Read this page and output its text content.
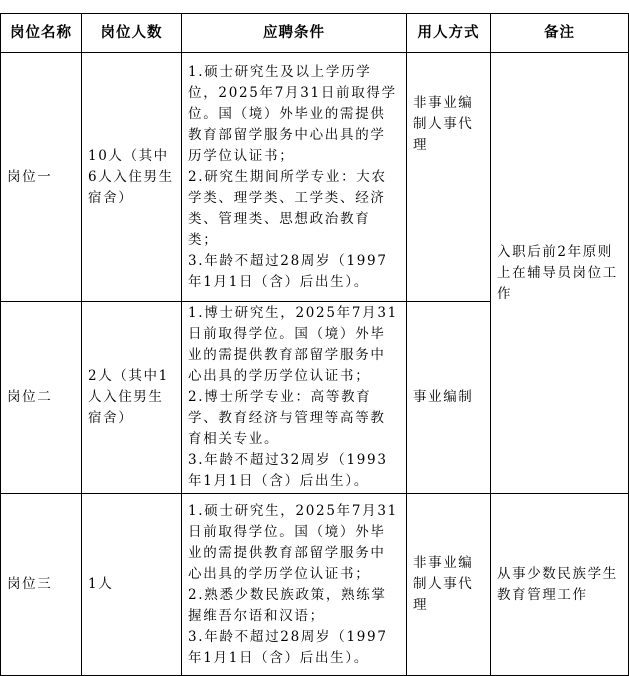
岗位名称	岗位人数	应聘条件	用人方式	备注
岗位一	10人（其中6人入住男生宿舍）	1.硕士研究生及以上学历学位，2025年7月31日前取得学位。国（境）外毕业的需提供教育部留学服务中心出具的学历学位认证书；
2.研究生期间所学专业：大农学类、理学类、工学类、经济类、管理类、思想政治教育类；
3.年龄不超过28周岁（1997年1月1日（含）后出生）。	非事业编制人事代理	入职后前2年原则上在辅导员岗位工作
岗位二	2人（其中1人入住男生宿舍）	1.博士研究生，2025年7月31日前取得学位。国（境）外毕业的需提供教育部留学服务中心出具的学历学位认证书；
2.博士所学专业：高等教育学、教育经济与管理等高等教育相关专业。
3.年龄不超过32周岁（1993年1月1日（含）后出生）。	事业编制	
岗位三	1人	1.硕士研究生，2025年7月31日前取得学位。国（境）外毕业的需提供教育部留学服务中心出具的学历学位认证书；
2.熟悉少数民族政策，熟练掌握维吾尔语和汉语；
3.年龄不超过28周岁（1997年1月1日（含）后出生）。	非事业编制人事代理	从事少数民族学生教育管理工作
